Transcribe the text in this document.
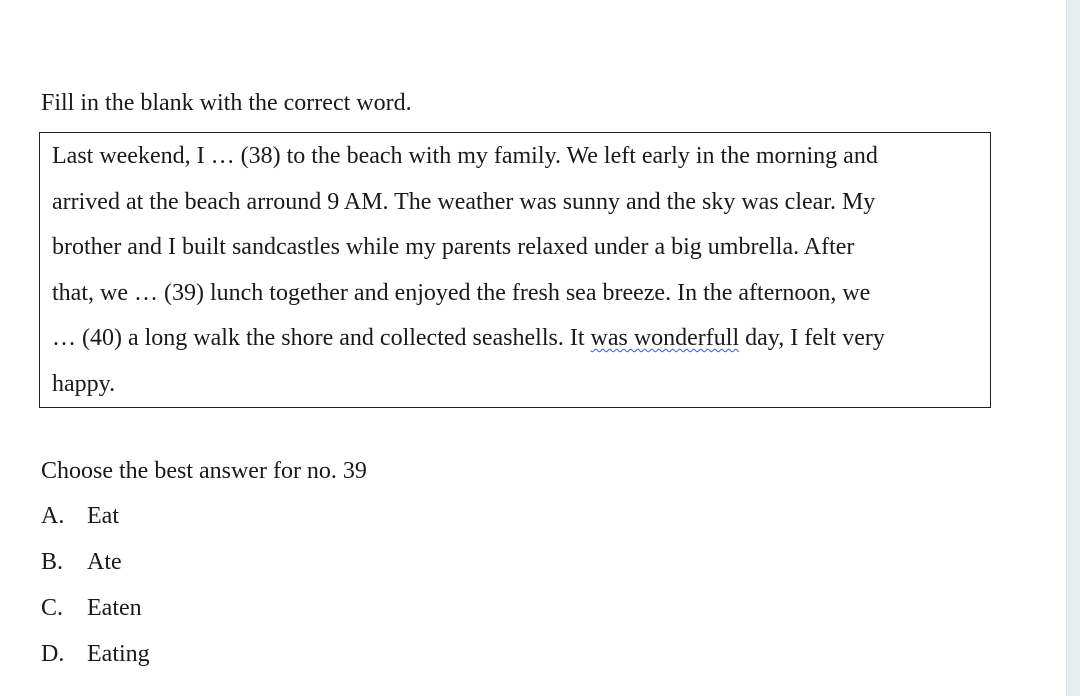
Fill in the blank with the correct word.

Last weekend, I … (38) to the beach with my family. We left early in the morning and

arrived at the beach arround 9 AM. The weather was sunny and the sky was clear. My

brother and I built sandcastles while my parents relaxed under a big umbrella. After

that, we … (39) lunch together and enjoyed the fresh sea breeze. In the afternoon, we

… (40) a long walk the shore and collected seashells. It was wonderfull day, I felt very

happy.

Choose the best answer for no. 39

A. Eat
B. Ate
C. Eaten
D. Eating
